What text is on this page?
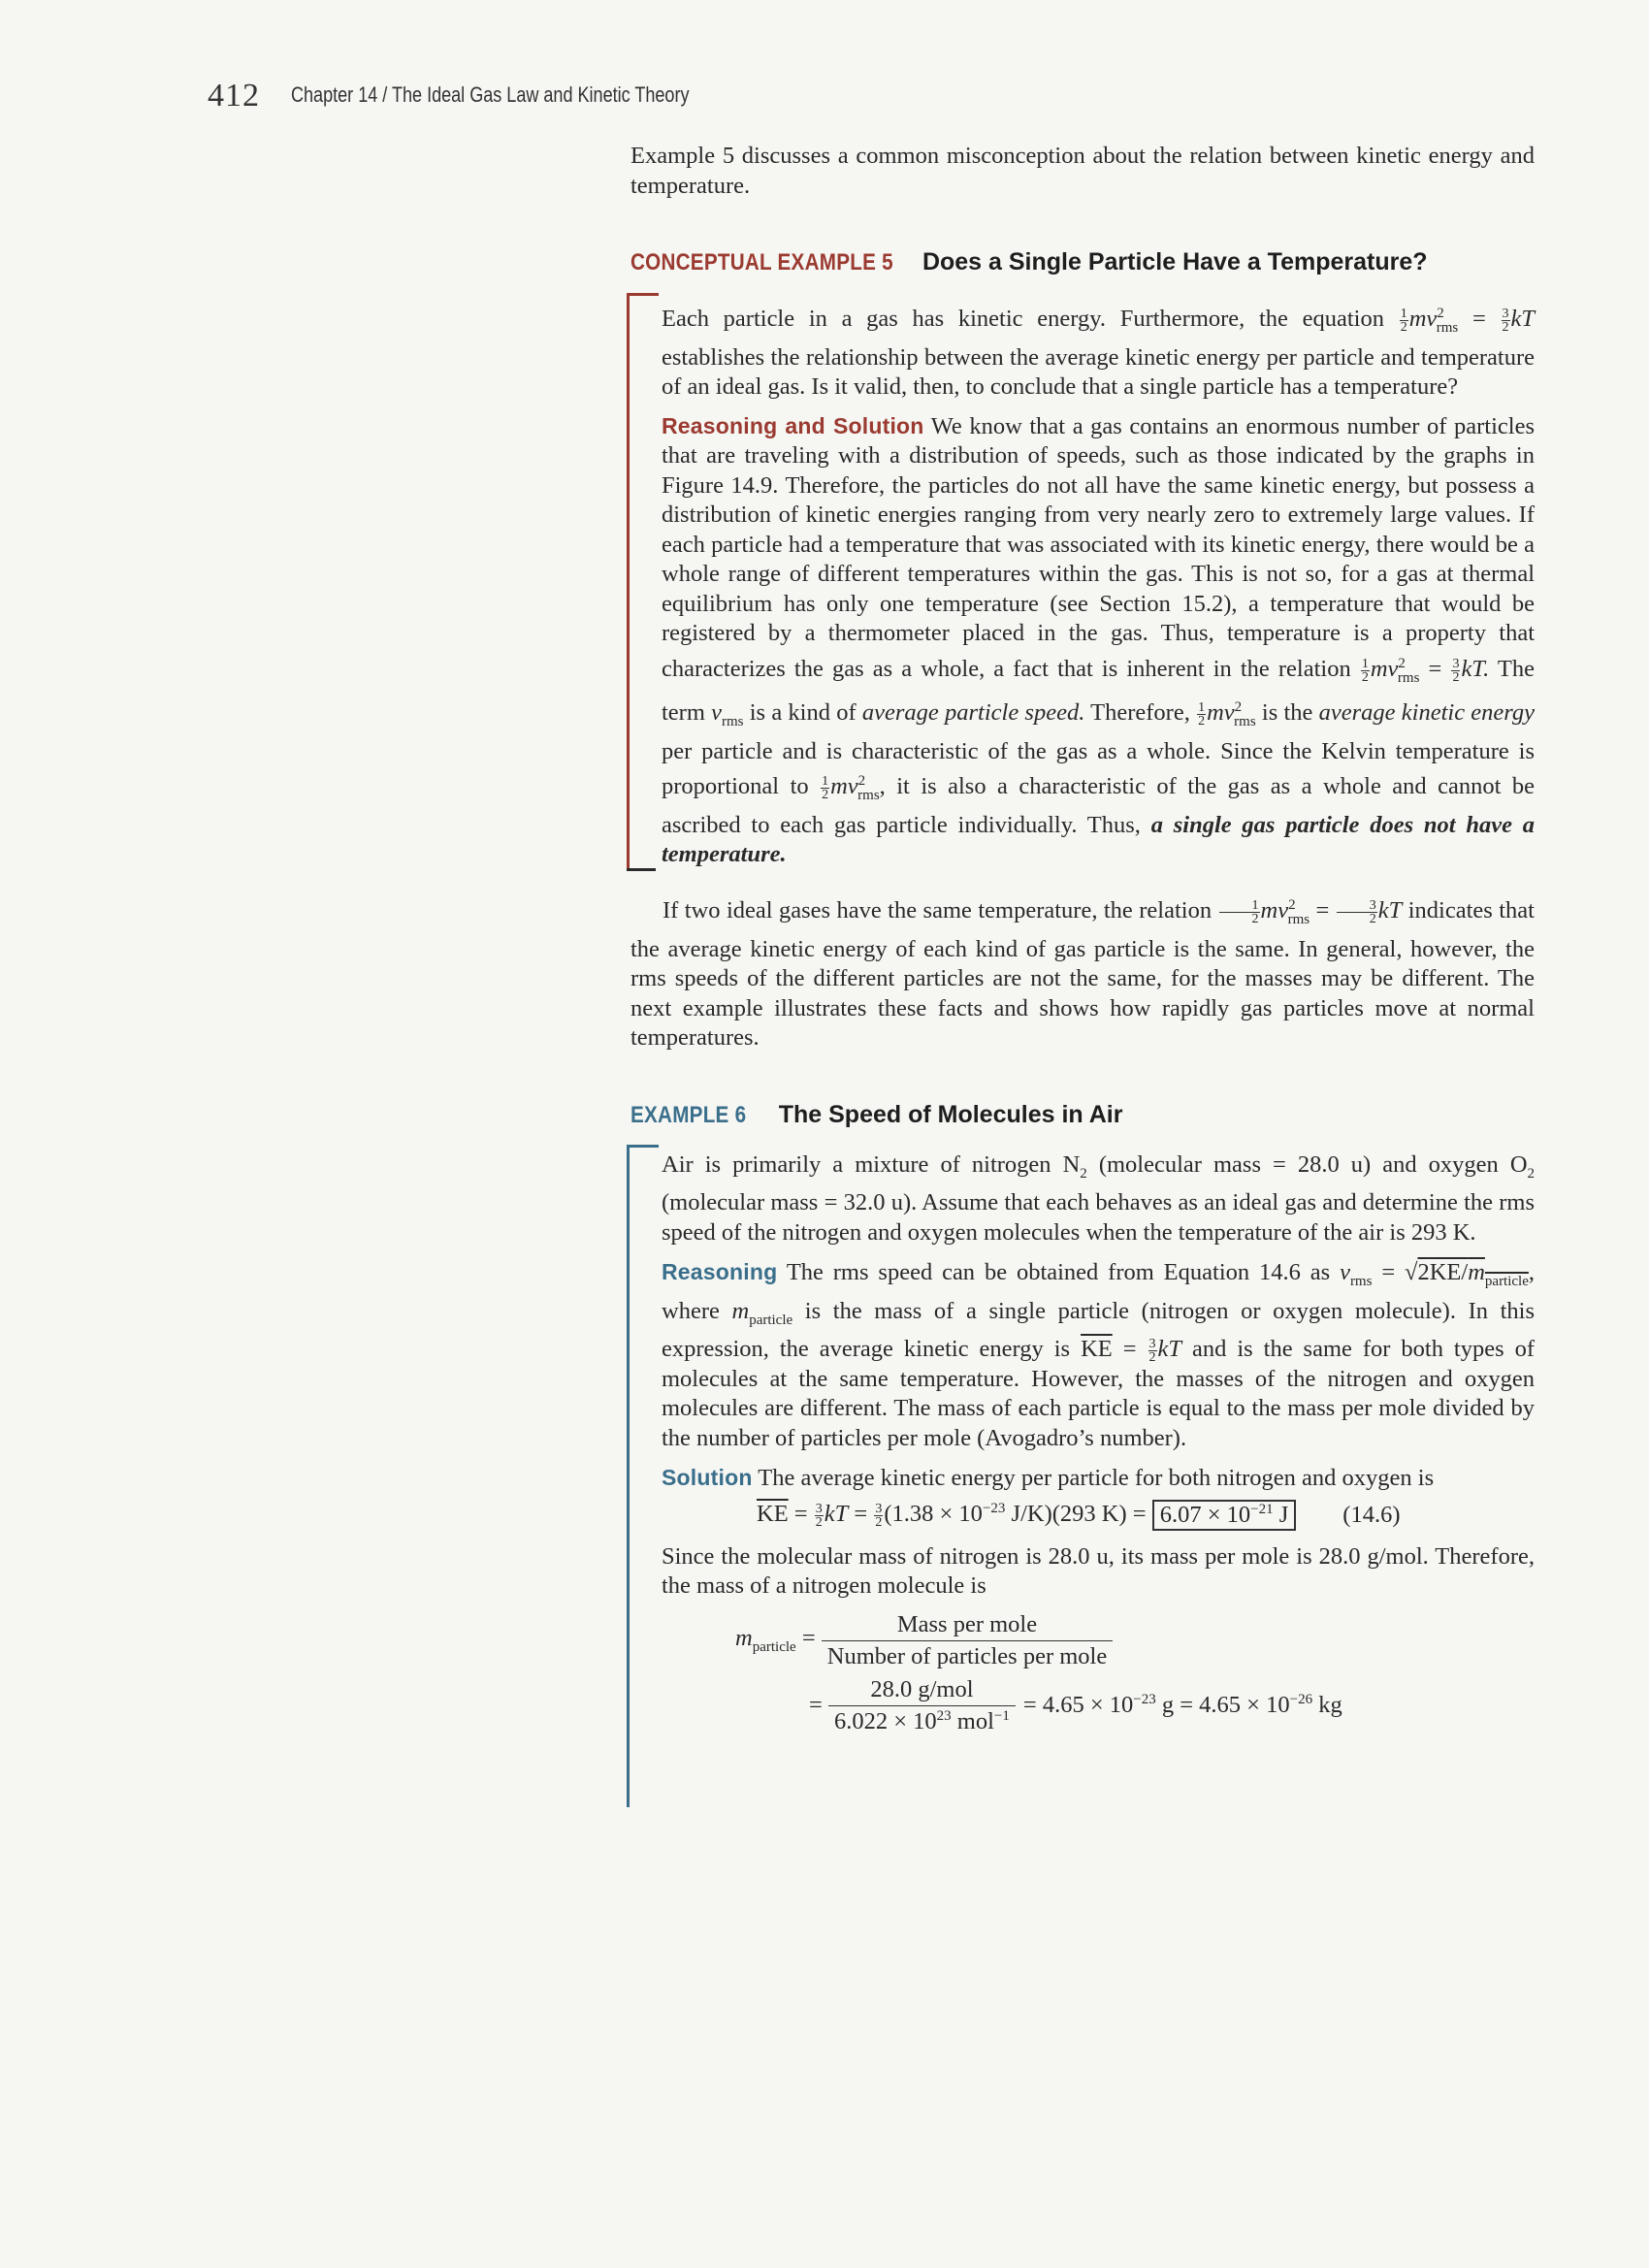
412 Chapter 14 / The Ideal Gas Law and Kinetic Theory

Example 5 discusses a common misconception about the relation between kinetic energy and temperature.

CONCEPTUAL EXAMPLE 5 Does a Single Particle Have a Temperature?

Each particle in a gas has kinetic energy. Furthermore, the equation $\frac{1}{2} mv^2_{rms} = \frac{3}{2}$ kT establishes the relationship between the average kinetic energy per particle and temperature of an ideal gas. Is it valid, then, to conclude that a single particle has a temperature?

Reasoning and Solution We know that a gas contains an enormous number of particles that are traveling with a distribution of speeds, such as those indicated by the graphs in Figure 14.9. Therefore, the particles do not all have the same kinetic energy, but possess a distribution of kinetic energies ranging from very nearly zero to extremely large values. If each particle had a temperature that was associated with its kinetic energy, there would be a whole range of different temperatures within the gas. This is not so, for a gas at thermal equilibrium has only one temperature (see Section 15.2), a temperature that would be registered by a thermometer placed in the gas. Thus, temperature is a property that characterizes the gas as a whole, a fact that is inherent in the relation $\frac{1}{2} mv^2_{rms} = \frac{3}{2}$ kT. The term $v_{rms}$ is a kind of average particle speed. Therefore, $\frac{1}{2} mv^2_{rms}$ is the average kinetic energy per particle and is characteristic of the gas as a whole. Since the Kelvin temperature is proportional to $\frac{1}{2} mv^2_{rms}$, it is also a characteristic of the gas as a whole and cannot be ascribed to each gas particle individually. Thus, a single gas particle does not have a temperature.

If two ideal gases have the same temperature, the relation $\frac{1}{2} mv^2_{rms} = \frac{3}{2}$ kT indicates that the average kinetic energy of each kind of gas particle is the same. In general, however, the rms speeds of the different particles are not the same, for the masses may be different. The next example illustrates these facts and shows how rapidly gas particles move at normal temperatures.

EXAMPLE 6 The Speed of Molecules in Air

Air is primarily a mixture of nitrogen $N_2$ (molecular mass = 28.0 u) and oxygen $O_2$ (molecular mass = 32.0 u). Assume that each behaves as an ideal gas and determine the rms speed of the nitrogen and oxygen molecules when the temperature of the air is 293 K.

Reasoning The rms speed can be obtained from Equation 14.6 as $v_{rms} = √2KE/m_{particle}$, where $m_{particle}$ is the mass of a single particle (nitrogen or oxygen molecule). In this expression, the average kinetic energy is $\overline{KE} = \frac{3}{2}$ kT and is the same for both types of molecules at the same temperature. However, the masses of the nitrogen and oxygen molecules are different. The mass of each particle is equal to the mass per mole divided by the number of particles per mole (Avogadro’s number).

Solution The average kinetic energy per particle for both nitrogen and oxygen is

$\overline{KE} = \frac{3}{2}$ kT = $\frac{3}{2} (1.38 \times 10^{-23}$ J/K)(293 $K) = 6.07 \times 10^{-21}$ J	(14.6)

Since the molecular mass of nitrogen is 28.0 u, its mass per mole is 28.0 g/mol. Therefore, the mass of a nitrogen molecule is

$m_{particle}$ =
Mass per mole
Number of particles per mole
=
28.0 g/mol
$6.022 \times 10^{23}$ $mol^{-1} = 4.65 \times 10^{-23}$ $g = 4.65 \times 10^{-26}$ kg
